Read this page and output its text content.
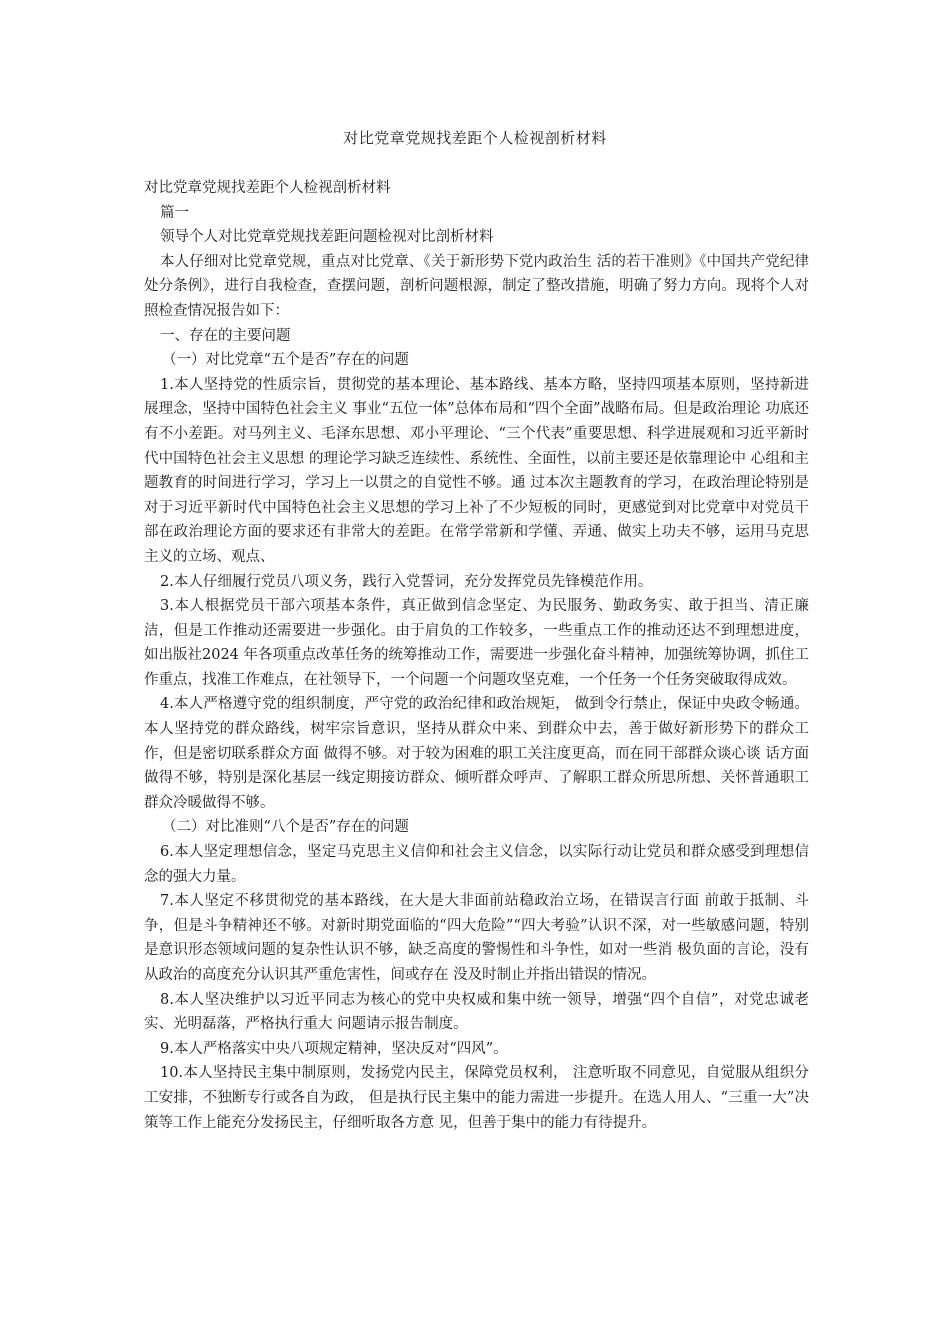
对比党章党规找差距个人检视剖析材料

对比党章党规找差距个人检视剖析材料

篇一

领导个人对比党章党规找差距问题检视对比剖析材料

本人仔细对比党章党规，重点对比党章、《关于新形势下党内政治生 活的若干准则》《中国共产党纪律处分条例》，进行自我检查，查摆问题，剖析问题根源，制定了整改措施，明确了努力方向。现将个人对 照检查情况报告如下：

一、存在的主要问题

（一）对比党章“五个是否”存在的问题

1.本人坚持党的性质宗旨，贯彻党的基本理论、基本路线、基本方略，坚持四项基本原则，坚持新进展理念，坚持中国特色社会主义 事业“五位一体”总体布局和“四个全面”战略布局。但是政治理论 功底还有不小差距。对马列主义、毛泽东思想、邓小平理论、“三个代表”重要思想、科学进展观和习近平新时代中国特色社会主义思想 的理论学习缺乏连续性、系统性、全面性，以前主要还是依靠理论中 心组和主题教育的时间进行学习，学习上一以贯之的自觉性不够。通 过本次主题教育的学习，在政治理论特别是对于习近平新时代中国特色社会主义思想的学习上补了不少短板的同时，更感觉到对比党章中对党员干部在政治理论方面的要求还有非常大的差距。在常学常新和学懂、弄通、做实上功夫不够，运用马克思主义的立场、观点、

2.本人仔细履行党员八项义务，践行入党誓词，充分发挥党员先锋模范作用。

3.本人根据党员干部六项基本条件，真正做到信念坚定、为民服务、勤政务实、敢于担当、清正廉洁，但是工作推动还需要进一步强化。由于肩负的工作较多，一些重点工作的推动还达不到理想进度， 如出版社2024 年各项重点改革任务的统筹推动工作，需要进一步强化奋斗精神，加强统筹协调，抓住工作重点，找准工作难点，在社领导下，一个问题一个问题攻坚克难，一个任务一个任务突破取得成效。

4.本人严格遵守党的组织制度，严守党的政治纪律和政治规矩， 做到令行禁止，保证中央政令畅通。本人坚持党的群众路线，树牢宗旨意识，坚持从群众中来、到群众中去，善于做好新形势下的群众工作，但是密切联系群众方面 做得不够。对于较为困难的职工关注度更高，而在同干部群众谈心谈 话方面做得不够，特别是深化基层一线定期接访群众、倾听群众呼声、了解职工群众所思所想、关怀普通职工群众冷暖做得不够。

（二）对比准则“八个是否”存在的问题

6.本人坚定理想信念，坚定马克思主义信仰和社会主义信念，以实际行动让党员和群众感受到理想信念的强大力量。

7.本人坚定不移贯彻党的基本路线，在大是大非面前站稳政治立场，在错误言行面 前敢于抵制、斗争，但是斗争精神还不够。对新时期党面临的“四大危险”“四大考验”认识不深，对一些敏感问题，特别是意识形态领域问题的复杂性认识不够，缺乏高度的警惕性和斗争性，如对一些消 极负面的言论，没有从政治的高度充分认识其严重危害性，间或存在 没及时制止并指出错误的情况。

8.本人坚决维护以习近平同志为核心的党中央权威和集中统一领导，增强“四个自信”，对党忠诚老实、光明磊落，严格执行重大 问题请示报告制度。

9.本人严格落实中央八项规定精神，坚决反对“四风”。

10.本人坚持民主集中制原则，发扬党内民主，保障党员权利， 注意听取不同意见，自觉服从组织分工安排，不独断专行或各自为政， 但是执行民主集中的能力需进一步提升。在选人用人、“三重一大”决策等工作上能充分发扬民主，仔细听取各方意 见，但善于集中的能力有待提升。
